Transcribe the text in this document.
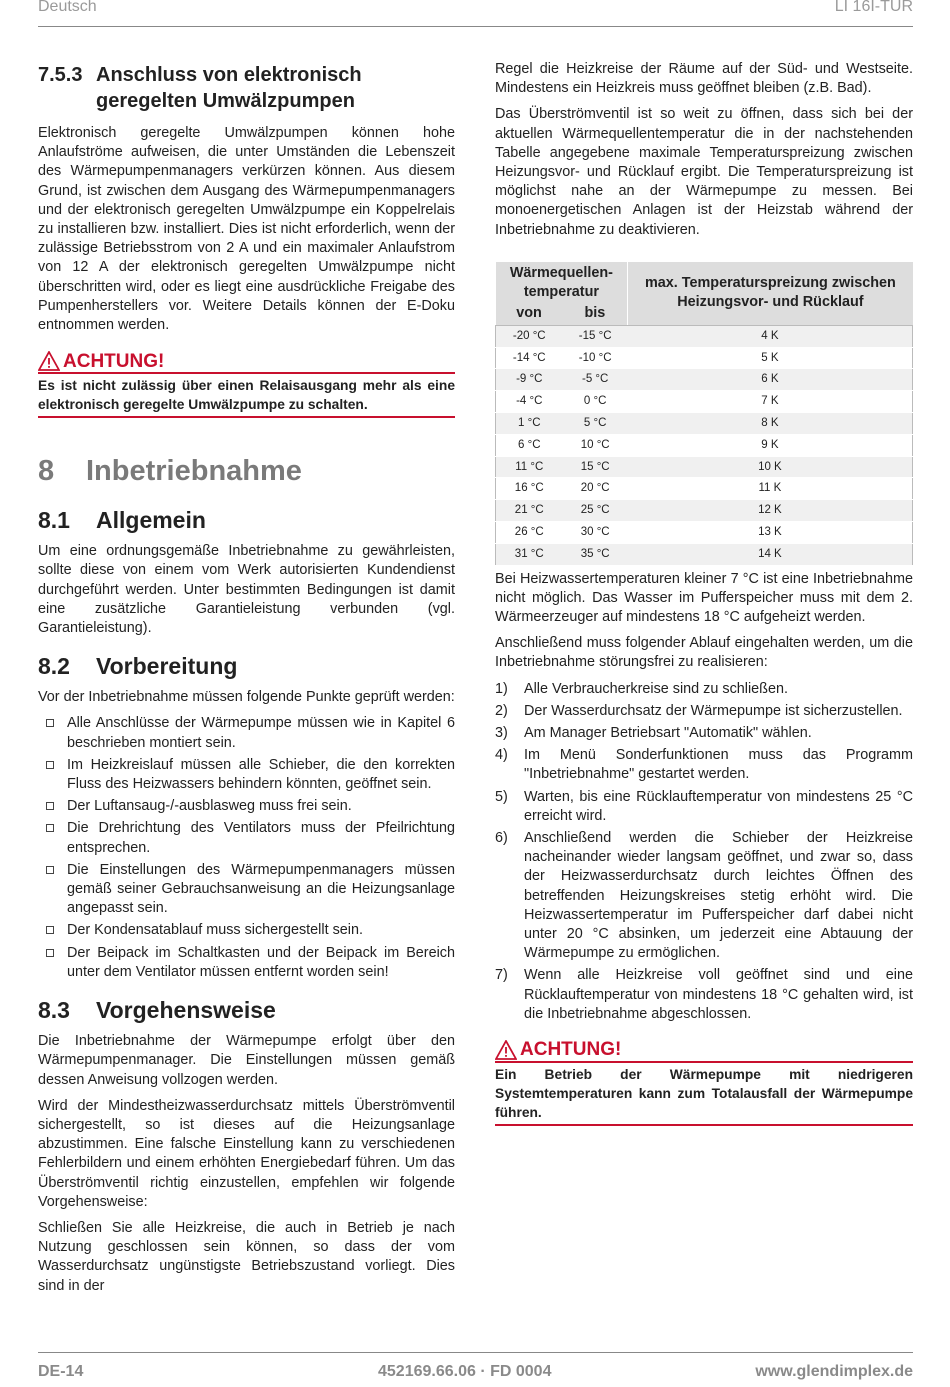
Deutsch	LI 16I-TUR
7.5.3 Anschluss von elektronisch
geregelten Umwälzpumpen

Elektronisch geregelte Umwälzpumpen können hohe Anlaufströme aufweisen, die unter Umständen die Lebenszeit des Wärmepumpenmanagers verkürzen können. Aus diesem Grund, ist zwischen dem Ausgang des Wärmepumpenmanagers und der elektronisch geregelten Umwälzpumpe ein Koppelrelais zu installieren bzw. installiert. Dies ist nicht erforderlich, wenn der zulässige Betriebsstrom von 2 A und ein maximaler Anlaufstrom von 12 A der elektronisch geregelten Umwälzpumpe nicht überschritten wird, oder es liegt eine ausdrückliche Freigabe des Pumpenherstellers vor. Weitere Details können der E-Doku entnommen werden.

ACHTUNG!
Es ist nicht zulässig über einen Relaisausgang mehr als eine elektronisch geregelte Umwälzpumpe zu schalten.
8 Inbetriebnahme
8.1 Allgemein

Um eine ordnungsgemäße Inbetriebnahme zu gewährleisten, sollte diese von einem vom Werk autorisierten Kundendienst durchgeführt werden. Unter bestimmten Bedingungen ist damit eine zusätzliche Garantieleistung verbunden (vgl. Garantieleistung).

8.2 Vorbereitung

Vor der Inbetriebnahme müssen folgende Punkte geprüft werden:

Alle Anschlüsse der Wärmepumpe müssen wie in Kapitel 6 beschrieben montiert sein.
Im Heizkreislauf müssen alle Schieber, die den korrekten Fluss des Heizwassers behindern könnten, geöffnet sein.
Der Luftansaug-/-ausblasweg muss frei sein.
Die Drehrichtung des Ventilators muss der Pfeilrichtung entsprechen.
Die Einstellungen des Wärmepumpenmanagers müssen gemäß seiner Gebrauchsanweisung an die Heizungsanlage angepasst sein.
Der Kondensatablauf muss sichergestellt sein.
Der Beipack im Schaltkasten und der Beipack im Bereich unter dem Ventilator müssen entfernt worden sein!
8.3 Vorgehensweise

Die Inbetriebnahme der Wärmepumpe erfolgt über den Wärmepumpenmanager. Die Einstellungen müssen gemäß dessen Anweisung vollzogen werden.

Wird der Mindestheizwasserdurchsatz mittels Überströmventil sichergestellt, so ist dieses auf die Heizungsanlage abzustimmen. Eine falsche Einstellung kann zu verschiedenen Fehlerbildern und einem erhöhten Energiebedarf führen. Um das Überströmventil richtig einzustellen, empfehlen wir folgende Vorgehensweise:

Schließen Sie alle Heizkreise, die auch in Betrieb je nach Nutzung geschlossen sein können, so dass der vom Wasserdurchsatz ungünstigste Betriebszustand vorliegt. Dies sind in der

Regel die Heizkreise der Räume auf der Süd- und Westseite. Mindestens ein Heizkreis muss geöffnet bleiben (z.B. Bad).

Das Überströmventil ist so weit zu öffnen, dass sich bei der aktuellen Wärmequellentemperatur die in der nachstehenden Tabelle angegebene maximale Temperaturspreizung zwischen Heizungsvor- und Rücklauf ergibt. Die Temperaturspreizung ist möglichst nahe an der Wärmepumpe zu messen. Bei monoenergetischen Anlagen ist der Heizstab während der Inbetriebnahme zu deaktivieren.

Wärmequellen-temperatur		max. Temperaturspreizung zwischen Heizungsvor- und Rücklauf
von	bis	
-20 °C	-15 °C	4 K
-14 °C	-10 °C	5 K
-9 °C	-5 °C	6 K
-4 °C	0 °C	7 K
1 °C	5 °C	8 K
6 °C	10 °C	9 K
11 °C	15 °C	10 K
16 °C	20 °C	11 K
21 °C	25 °C	12 K
26 °C	30 °C	13 K
31 °C	35 °C	14 K

Bei Heizwassertemperaturen kleiner 7 °C ist eine Inbetriebnahme nicht möglich. Das Wasser im Pufferspeicher muss mit dem 2. Wärmeerzeuger auf mindestens 18 °C aufgeheizt werden.

Anschließend muss folgender Ablauf eingehalten werden, um die Inbetriebnahme störungsfrei zu realisieren:

1) Alle Verbraucherkreise sind zu schließen.
2) Der Wasserdurchsatz der Wärmepumpe ist sicherzustellen.
3) Am Manager Betriebsart "Automatik" wählen.
4) Im Menü Sonderfunktionen muss das Programm "Inbetriebnahme" gestartet werden.
5) Warten, bis eine Rücklauftemperatur von mindestens 25 °C erreicht wird.
6) Anschließend werden die Schieber der Heizkreise nacheinander wieder langsam geöffnet, und zwar so, dass der Heizwasserdurchsatz durch leichtes Öffnen des betreffenden Heizungskreises stetig erhöht wird. Die Heizwassertemperatur im Pufferspeicher darf dabei nicht unter 20 °C absinken, um jederzeit eine Abtauung der Wärmepumpe zu ermöglichen.
7) Wenn alle Heizkreise voll geöffnet sind und eine Rücklauftemperatur von mindestens 18 °C gehalten wird, ist die Inbetriebnahme abgeschlossen.
ACHTUNG!
Ein Betrieb der Wärmepumpe mit niedrigeren Systemtemperaturen kann zum Totalausfall der Wärmepumpe führen.
DE-14	452169.66.06 · FD 0004	www.glendimplex.de
